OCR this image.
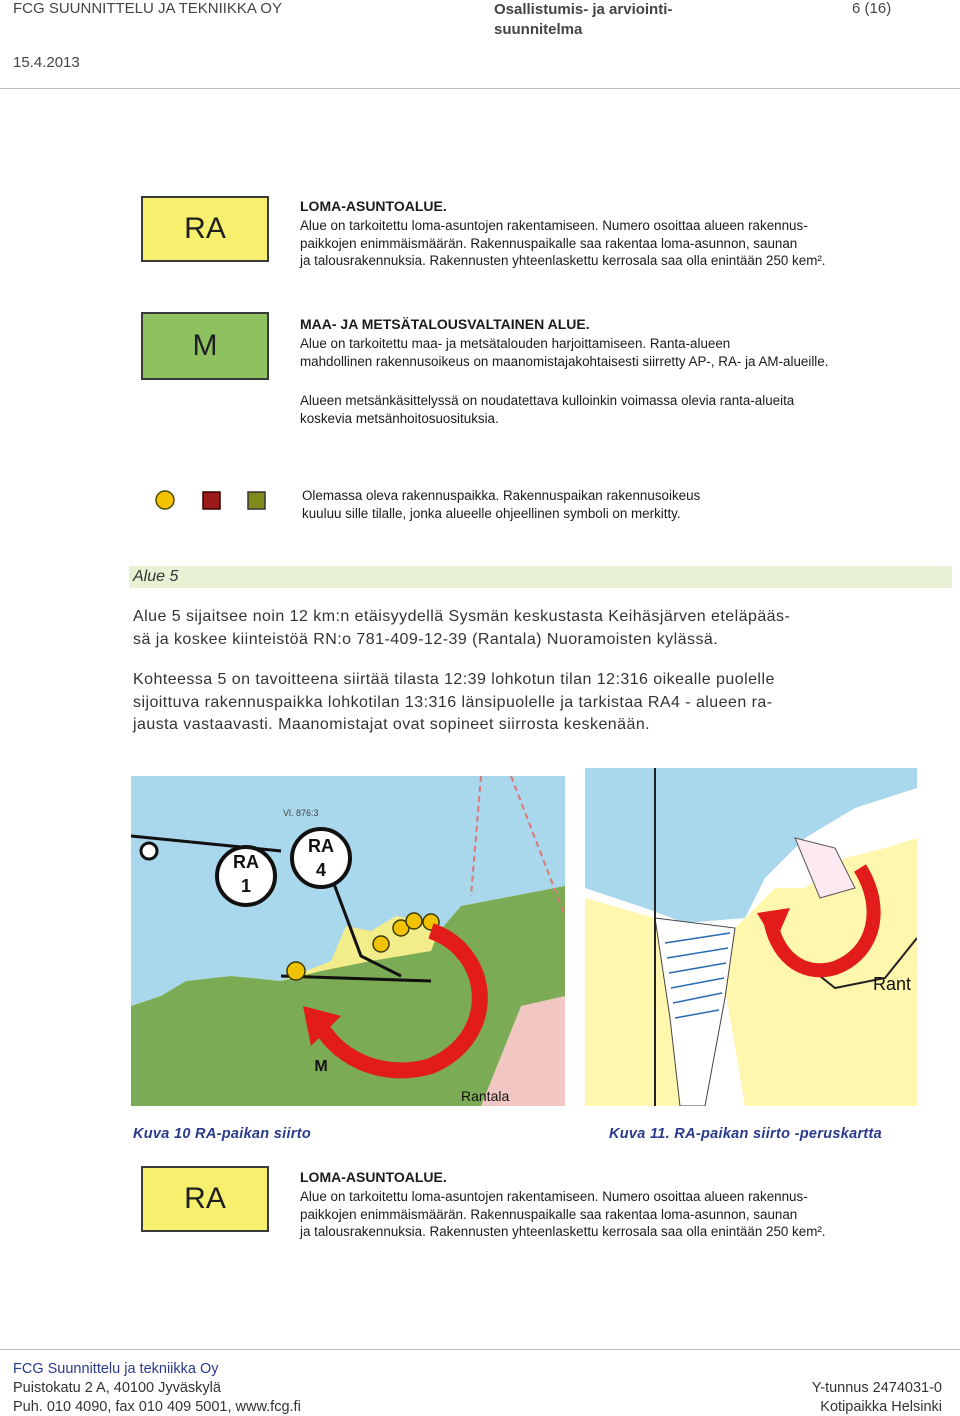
FCG SUUNNITTELU JA TEKNIIKKA OY	Osallistumis- ja arviointi-
suunnitelma
6 (16)
15.4.2013
RA
LOMA-ASUNTOALUE.
Alue on tarkoitettu loma-asuntojen rakentamiseen. Numero osoittaa alueen rakennus-
paikkojen enimmäismäärän. Rakennuspaikalle saa rakentaa loma-asunnon, saunan
ja talousrakennuksia. Rakennusten yhteenlaskettu kerrosala saa olla enintään 250 kem².
M
MAA- JA METSÄTALOUSVALTAINEN ALUE.
Alue on tarkoitettu maa- ja metsätalouden harjoittamiseen. Ranta-alueen
mahdollinen rakennusoikeus on maanomistajakohtaisesti siirretty AP-, RA- ja AM-alueille.
Alueen metsänkäsittelyssä on noudatettava kulloinkin voimassa olevia ranta-alueita
koskevia metsänhoitosuosituksia.
Olemassa oleva rakennuspaikka. Rakennuspaikan rakennusoikeus
kuuluu sille tilalle, jonka alueelle ohjeellinen symboli on merkitty.
Alue 5
Alue 5 sijaitsee noin 12 km:n etäisyydellä Sysmän keskustasta Keihäsjärven eteläpääs-
sä ja koskee kiinteistöä RN:o 781-409-12-39 (Rantala) Nuoramoisten kylässä.
Kohteessa 5 on tavoitteena siirtää tilasta 12:39 lohkotun tilan 12:316 oikealle puolelle
sijoittuva rakennuspaikka lohkotilan 13:316 länsipuolelle ja tarkistaa RA4 - alueen ra-
jausta vastaavasti. Maanomistajat ovat sopineet siirrosta keskenään.
RA
1
RA
4
Vl. 876:3
M
Rantala
Rant
Kuva 10 RA-paikan siirto	Kuva 11. RA-paikan siirto -peruskartta
RA
LOMA-ASUNTOALUE.
Alue on tarkoitettu loma-asuntojen rakentamiseen. Numero osoittaa alueen rakennus-
paikkojen enimmäismäärän. Rakennuspaikalle saa rakentaa loma-asunnon, saunan
ja talousrakennuksia. Rakennusten yhteenlaskettu kerrosala saa olla enintään 250 kem².
FCG Suunnittelu ja tekniikka Oy
Puistokatu 2 A, 40100 Jyväskylä
Puh. 010 4090, fax 010 409 5001, www.fcg.fi
Y-tunnus 2474031-0
Kotipaikka Helsinki
